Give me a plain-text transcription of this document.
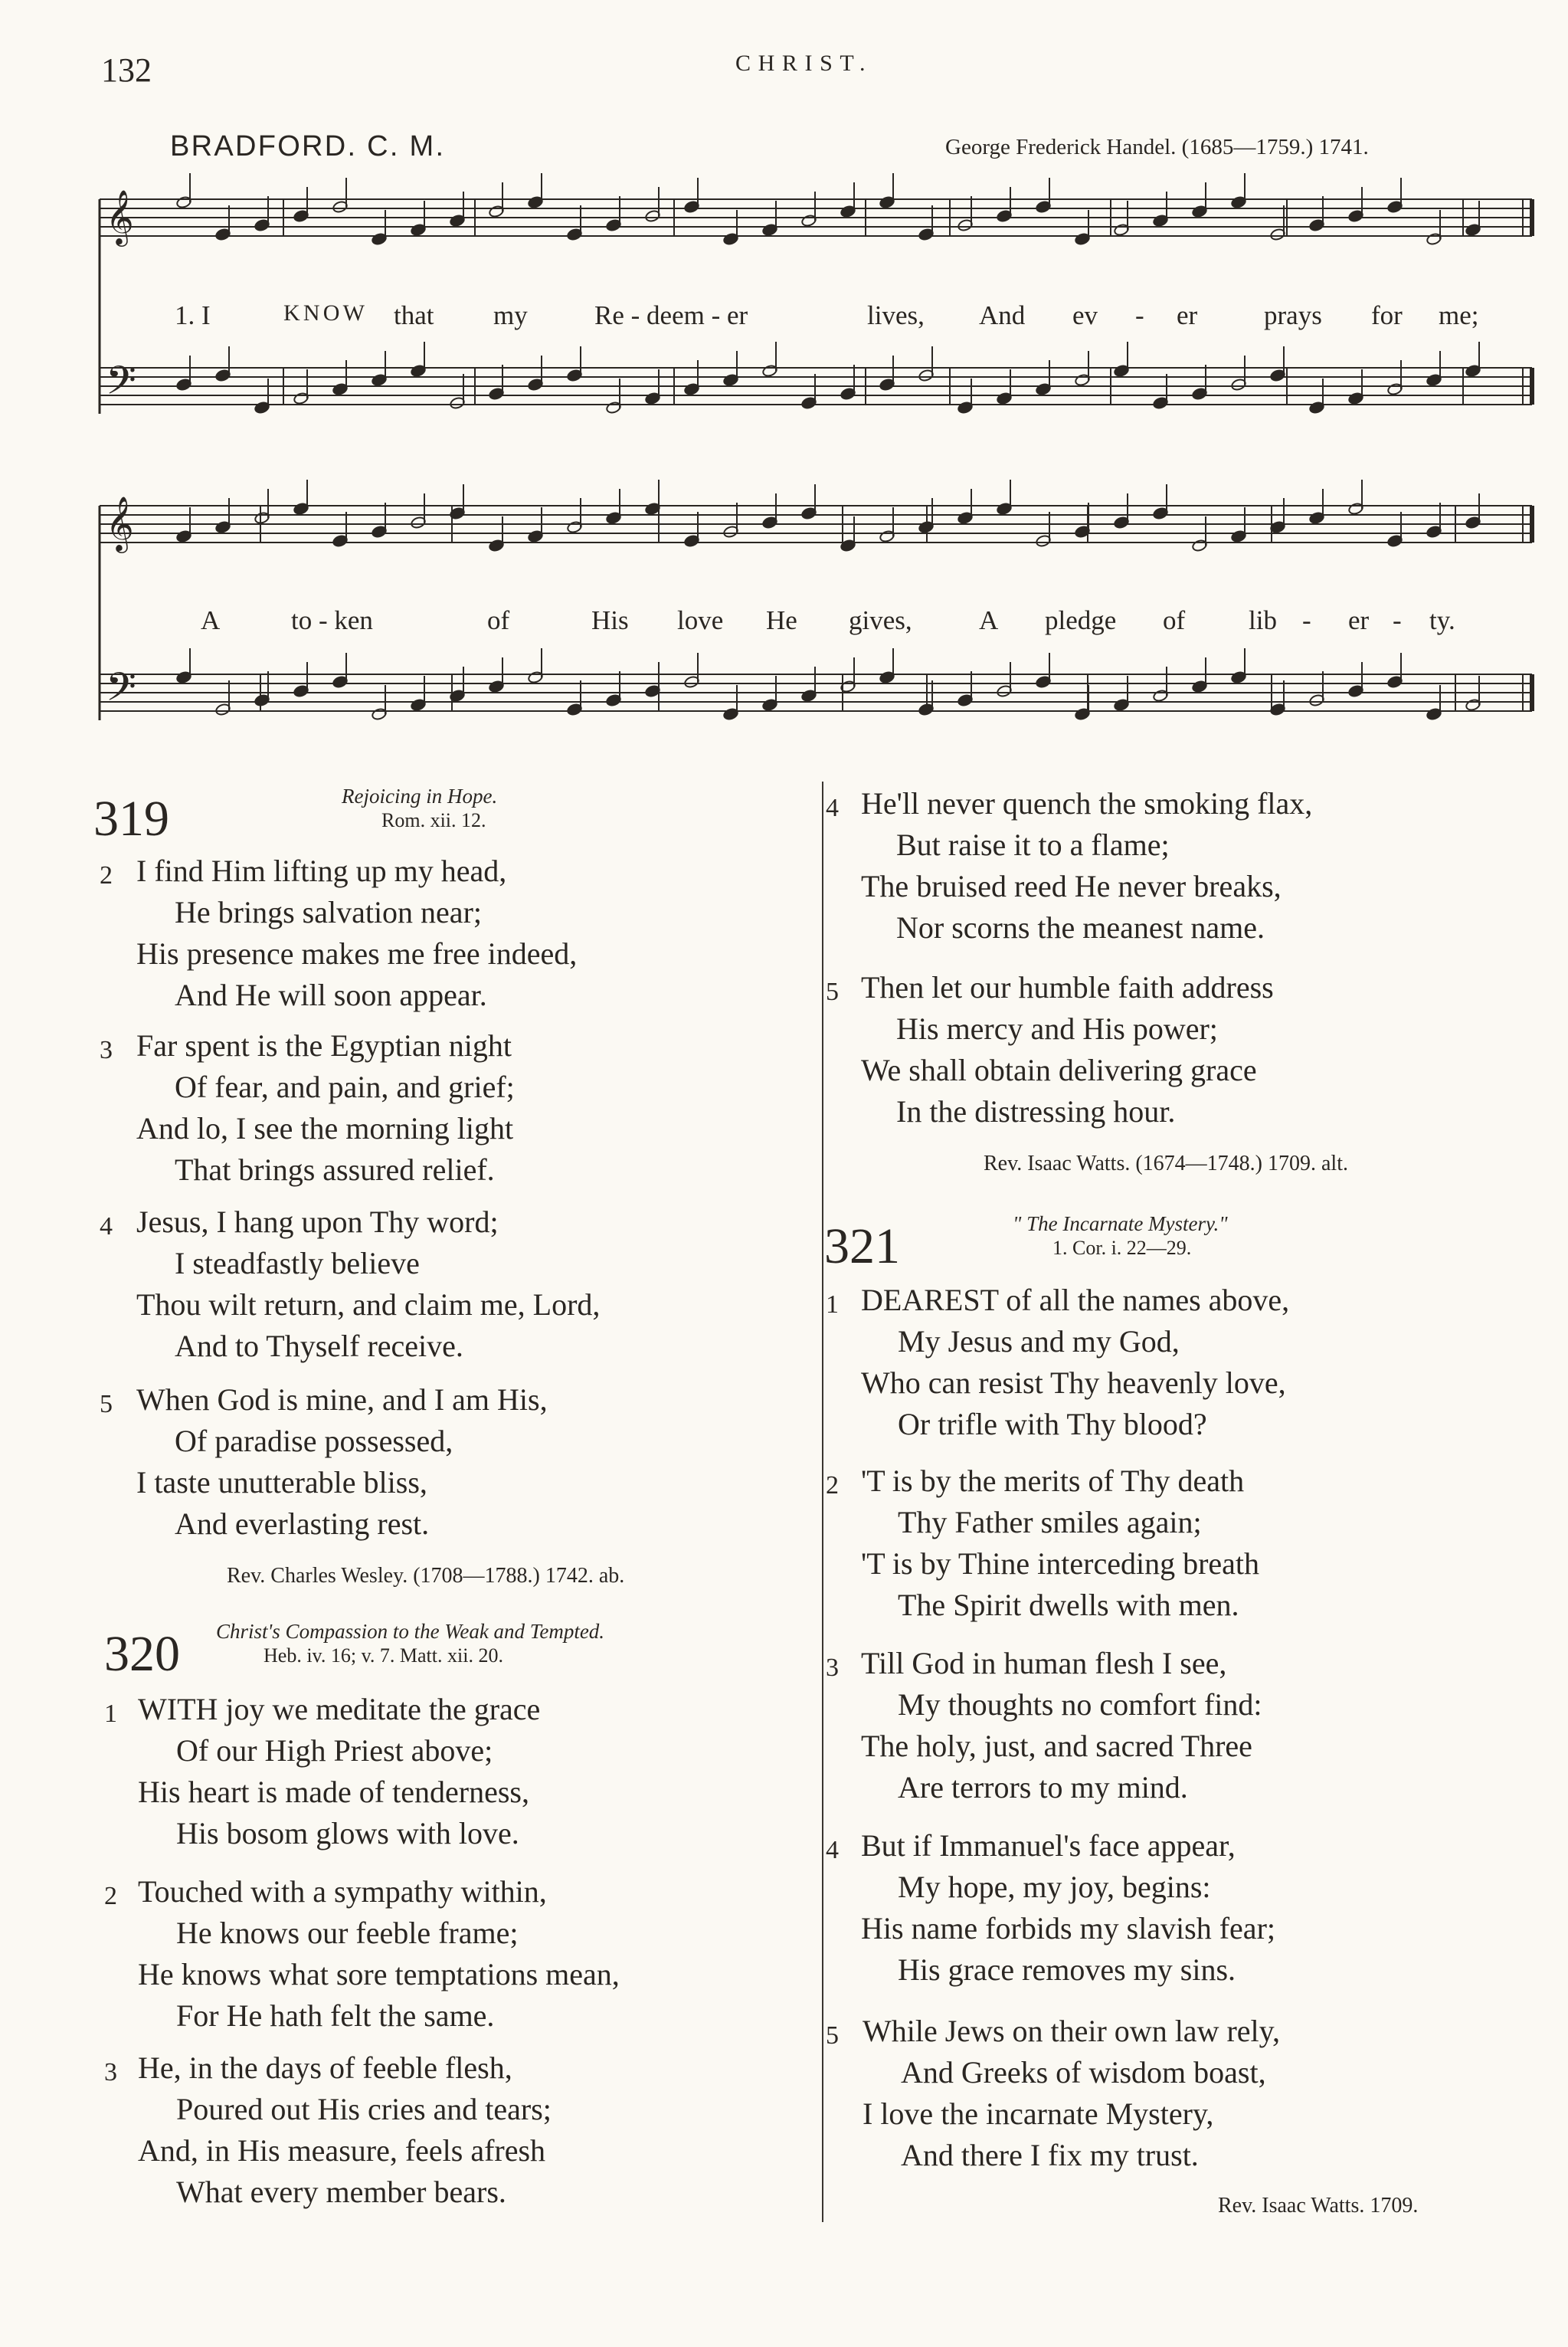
132	CHRIST.
BRADFORD. C. M.	George Frederick Handel. (1685—1759.) 1741.
𝄞
𝄢
𝄞
𝄢
1. I	KNOW that my Re - deem - er	lives, And ev - er prays for me;
A	to - ken	of	His love He gives, A pledge of lib - er - ty.
319	Rejoicing in Hope.
Rom. xii. 12.
2 I find Him lifting up my head,
He brings salvation near;
His presence makes me free indeed,
And He will soon appear.
3 Far spent is the Egyptian night
Of fear, and pain, and grief;
And lo, I see the morning light
That brings assured relief.
4 Jesus, I hang upon Thy word;
I steadfastly believe
Thou wilt return, and claim me, Lord,
And to Thyself receive.
5 When God is mine, and I am His,
Of paradise possessed,
I taste unutterable bliss,
And everlasting rest.
Rev. Charles Wesley. (1708—1788.) 1742. ab.
320 Christ's Compassion to the Weak and Tempted.
Heb. iv. 16; v. 7. Matt. xii. 20.
1 WITH joy we meditate the grace
Of our High Priest above;
His heart is made of tenderness,
His bosom glows with love.
2 Touched with a sympathy within,
He knows our feeble frame;
He knows what sore temptations mean,
For He hath felt the same.
3 He, in the days of feeble flesh,
Poured out His cries and tears;
And, in His measure, feels afresh
What every member bears.
4 He'll never quench the smoking flax,
But raise it to a flame;
The bruised reed He never breaks,
Nor scorns the meanest name.
5 Then let our humble faith address
His mercy and His power;
We shall obtain delivering grace
In the distressing hour.
Rev. Isaac Watts. (1674—1748.) 1709. alt.
321	" The Incarnate Mystery."
1. Cor. i. 22—29.
1 DEAREST of all the names above,
My Jesus and my God,
Who can resist Thy heavenly love,
Or trifle with Thy blood?
2 'T is by the merits of Thy death
Thy Father smiles again;
'T is by Thine interceding breath
The Spirit dwells with men.
3 Till God in human flesh I see,
My thoughts no comfort find:
The holy, just, and sacred Three
Are terrors to my mind.
4 But if Immanuel's face appear,
My hope, my joy, begins:
His name forbids my slavish fear;
His grace removes my sins.
5 While Jews on their own law rely,
And Greeks of wisdom boast,
I love the incarnate Mystery,
And there I fix my trust.
Rev. Isaac Watts. 1709.
